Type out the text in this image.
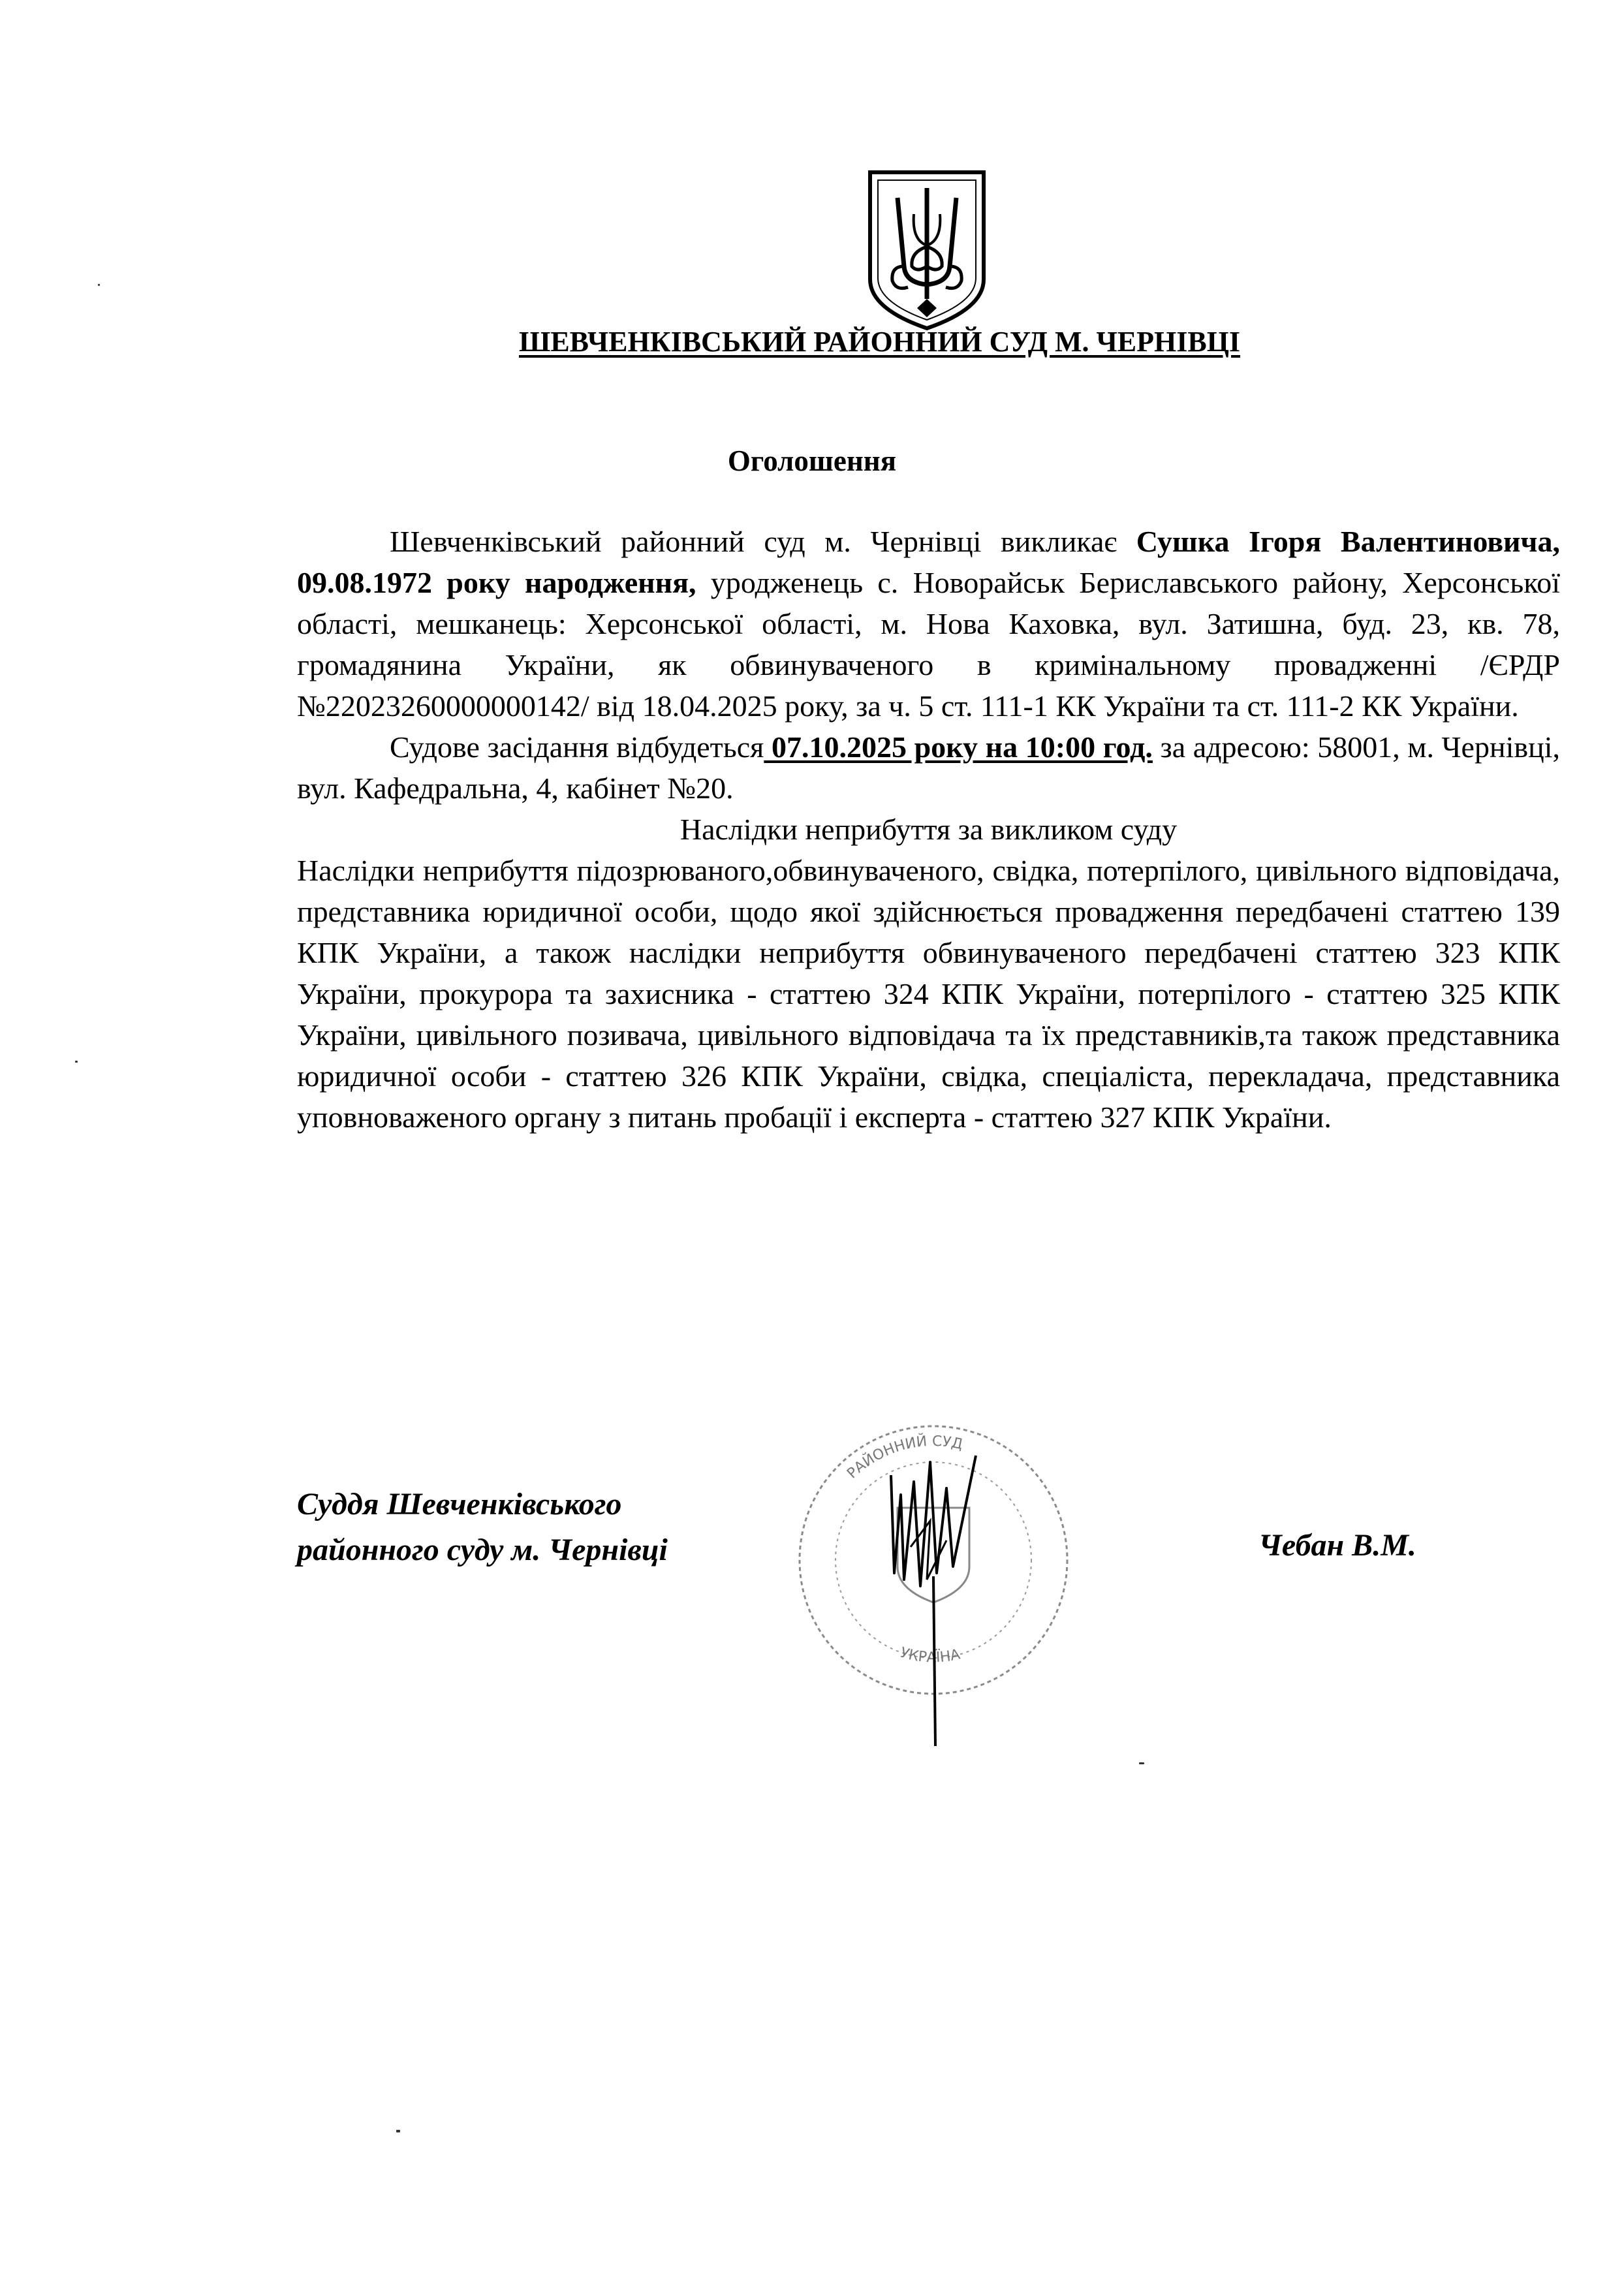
ШЕВЧЕНКІВСЬКИЙ РАЙОННИЙ СУД М. ЧЕРНІВЦІ
Оголошення

Шевченківський районний суд м. Чернівці викликає Сушка Ігоря Валентиновича, 09.08.1972 року народження, уродженець с. Новорайськ Бериславського району, Херсонської області, мешканець: Херсонської області, м. Нова Каховка, вул. Затишна, буд. 23, кв. 78, громадянина України, як обвинуваченого в кримінальному провадженні /ЄРДР №22023260000000142/ від 18.04.2025 року, за ч. 5 ст. 111-1 КК України та ст. 111-2 КК України.

Судове засідання відбудеться 07.10.2025 року на 10:00 год. за адресою: 58001, м. Чернівці, вул. Кафедральна, 4, кабінет №20.

Наслідки неприбуття за викликом суду

Наслідки неприбуття підозрюваного,обвинуваченого, свідка, потерпілого, цивільного відповідача, представника юридичної особи, щодо якої здійснюється провадження передбачені статтею 139 КПК України, а також наслідки неприбуття обвинуваченого передбачені статтею 323 КПК України, прокурора та захисника - статтею 324 КПК України, потерпілого - статтею 325 КПК України, цивільного позивача, цивільного відповідача та їх представників,та також представника юридичної особи - статтею 326 КПК України, свідка, спеціаліста, перекладача, представника уповноваженого органу з питань пробації і експерта - статтею 327 КПК України.

Суддя Шевченківського
районного суду м. Чернівці
РАЙОННИЙ СУД
УКРАЇНА
Чебан В.М.
